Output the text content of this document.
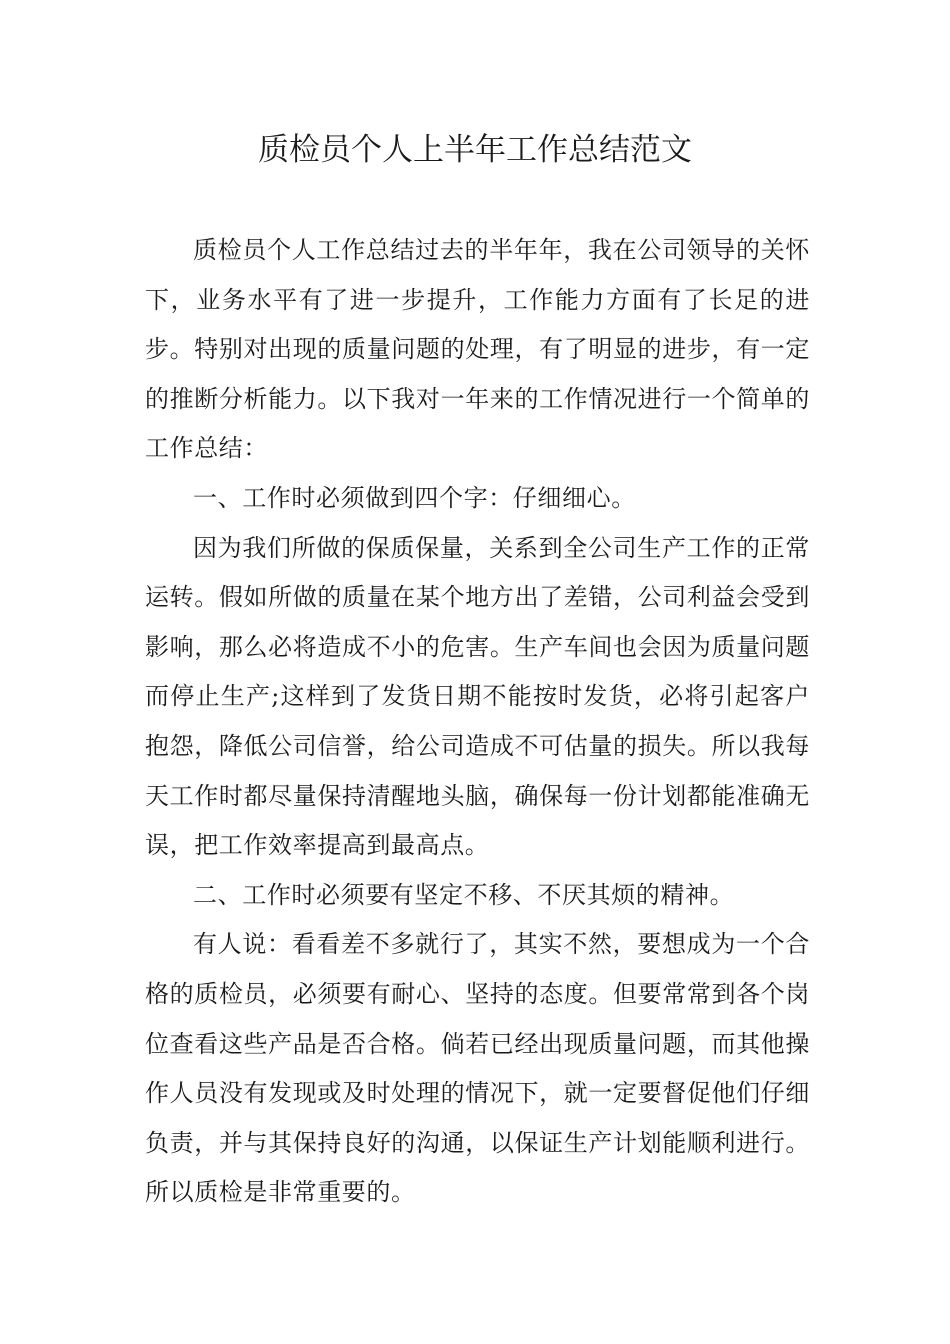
质检员个人上半年工作总结范文

质检员个人工作总结过去的半年年，我在公司领导的关怀下，业务水平有了进一步提升，工作能力方面有了长足的进步。特别对出现的质量问题的处理，有了明显的进步，有一定的推断分析能力。以下我对一年来的工作情况进行一个简单的工作总结：

一、工作时必须做到四个字：仔细细心。

因为我们所做的保质保量，关系到全公司生产工作的正常运转。假如所做的质量在某个地方出了差错，公司利益会受到影响，那么必将造成不小的危害。生产车间也会因为质量问题而停止生产;这样到了发货日期不能按时发货，必将引起客户抱怨，降低公司信誉，给公司造成不可估量的损失。所以我每天工作时都尽量保持清醒地头脑，确保每一份计划都能准确无误，把工作效率提高到最高点。

二、工作时必须要有坚定不移、不厌其烦的精神。

有人说：看看差不多就行了，其实不然，要想成为一个合格的质检员，必须要有耐心、坚持的态度。但要常常到各个岗位查看这些产品是否合格。倘若已经出现质量问题，而其他操作人员没有发现或及时处理的情况下，就一定要督促他们仔细负责，并与其保持良好的沟通，以保证生产计划能顺利进行。所以质检是非常重要的。
